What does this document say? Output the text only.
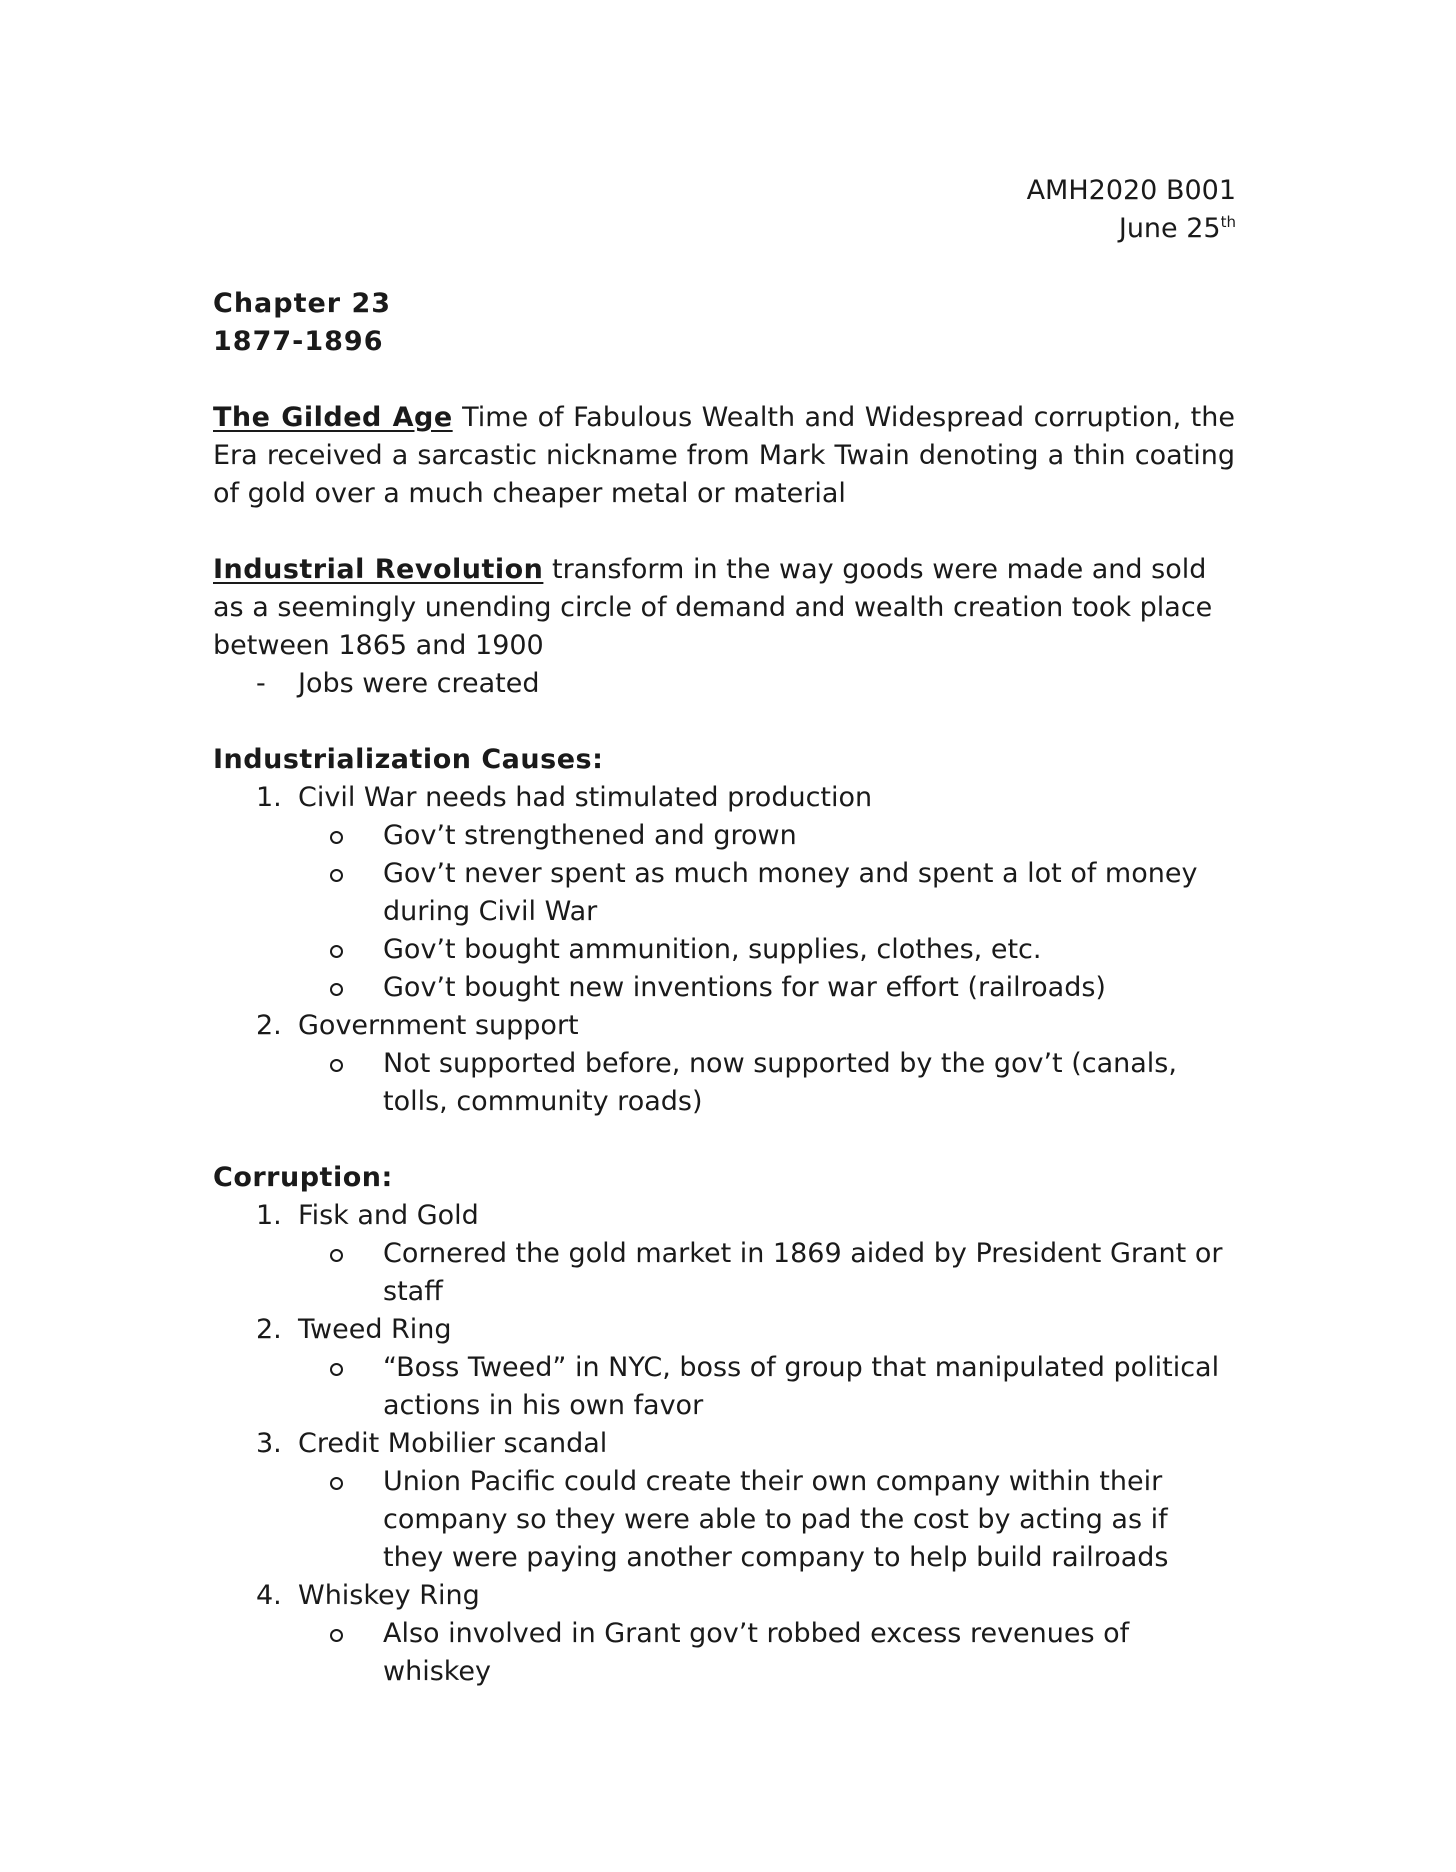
AMH2020 B001
June 25th
Chapter 23
1877-1896

The Gilded Age Time of Fabulous Wealth and Widespread corruption, the Era received a sarcastic nickname from Mark Twain denoting a thin coating of gold over a much cheaper metal or material

Industrial Revolution transform in the way goods were made and sold as a seemingly unending circle of demand and wealth creation took place between 1865 and 1900

- Jobs were created
Industrialization Causes:
1. Civil War needs had stimulated production
Gov’t strengthened and grown
Gov’t never spent as much money and spent a lot of money during Civil War
Gov’t bought ammunition, supplies, clothes, etc.
Gov’t bought new inventions for war effort (railroads)
2. Government support
Not supported before, now supported by the gov’t (canals, tolls, community roads)
Corruption:
1. Fisk and Gold
Cornered the gold market in 1869 aided by President Grant or staff
2. Tweed Ring
“Boss Tweed” in NYC, boss of group that manipulated political actions in his own favor
3. Credit Mobilier scandal
Union Pacific could create their own company within their company so they were able to pad the cost by acting as if they were paying another company to help build railroads
4. Whiskey Ring
Also involved in Grant gov’t robbed excess revenues of whiskey
